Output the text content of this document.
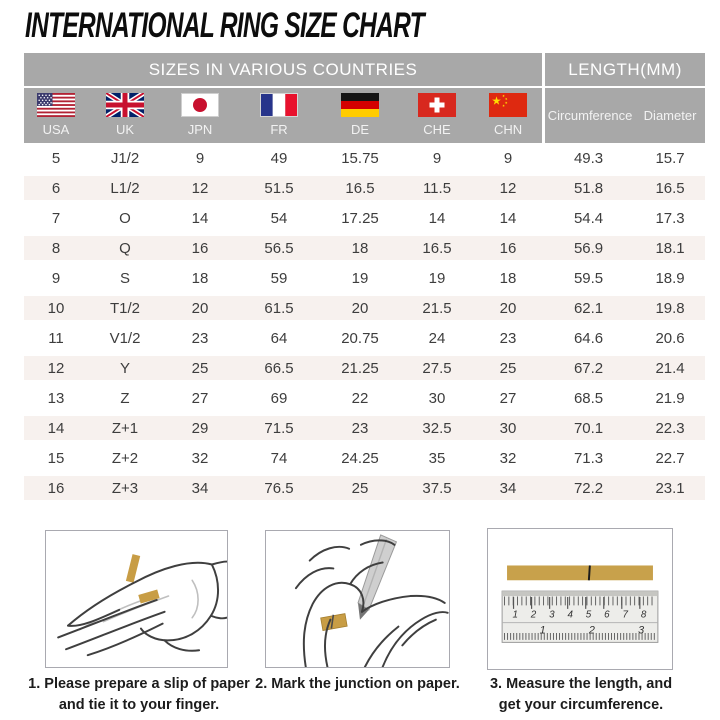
INTERNATIONAL RING SIZE CHART
SIZES IN VARIOUS COUNTRIES							LENGTH(MM)	

USA	UK	JPN	FR	DE	CHE	CHN	Circumference	Diameter
5	J1/2	9	49	15.75	9	9	49.3	15.7
6	L1/2	12	51.5	16.5	11.5	12	51.8	16.5
7	O	14	54	17.25	14	14	54.4	17.3
8	Q	16	56.5	18	16.5	16	56.9	18.1
9	S	18	59	19	19	18	59.5	18.9
10	T1/2	20	61.5	20	21.5	20	62.1	19.8
11	V1/2	23	64	20.75	24	23	64.6	20.6
12	Y	25	66.5	21.25	27.5	25	67.2	21.4
13	Z	27	69	22	30	27	68.5	21.9
14	Z+1	29	71.5	23	32.5	30	70.1	22.3
15	Z+2	32	74	24.25	35	32	71.3	22.7
16	Z+3	34	76.5	25	37.5	34	72.2	23.1
1 2 3 4 5 6 7 8
1	2	3
1. Please prepare a slip of paper
and tie it to your finger.
2. Mark the junction on paper.	3. Measure the length, and
get your circumference.
